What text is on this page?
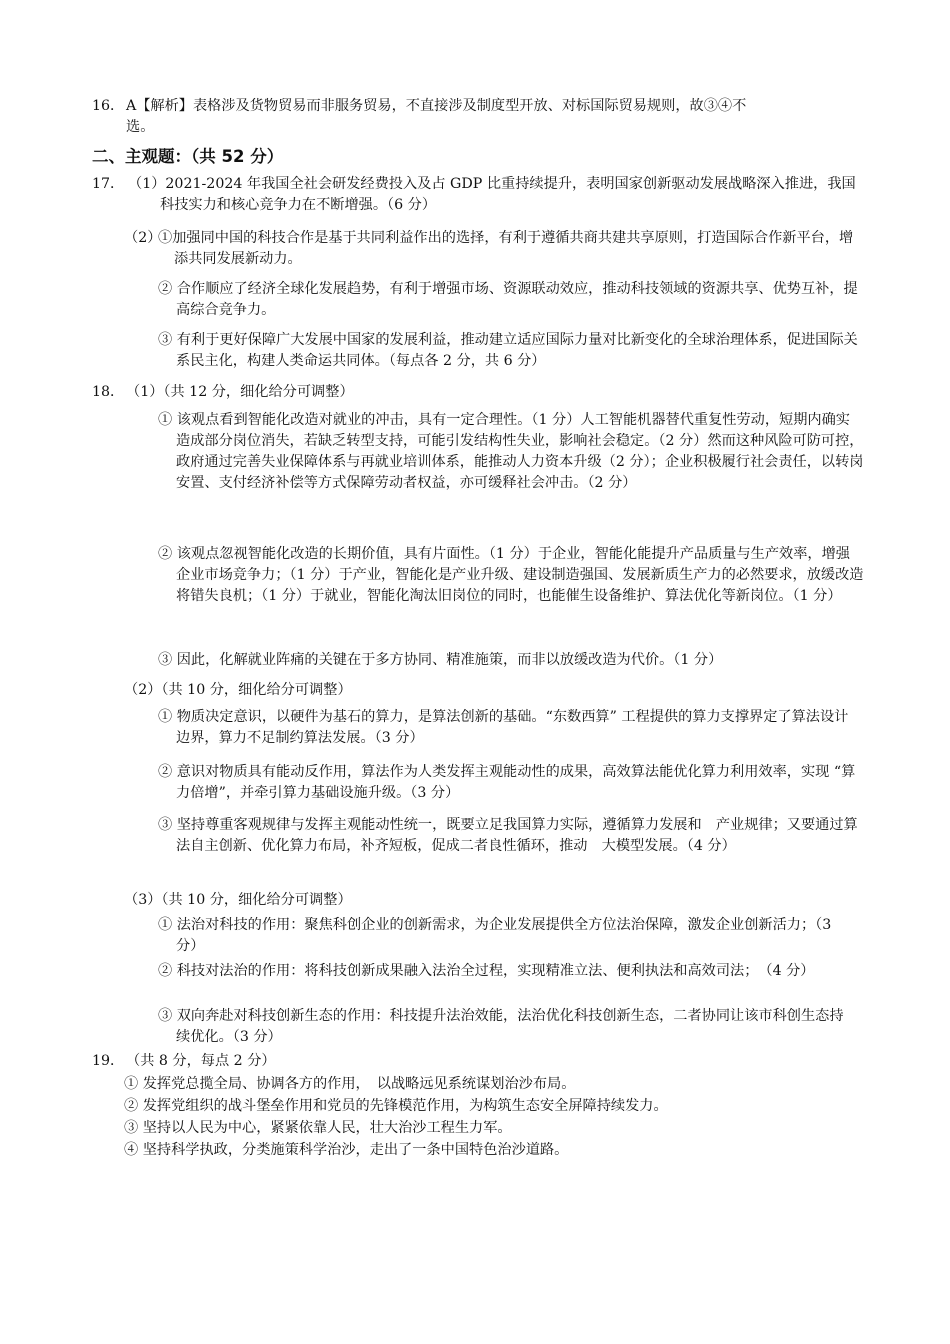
16． A【解析】表格涉及货物贸易而非服务贸易，不直接涉及制度型开放、对标国际贸易规则，故③④不选。
二、主观题：（共 52 分）
17． （1）2021-2024 年我国全社会研发经费投入及占 GDP 比重持续提升，表明国家创新驱动发展战略深入推进，我国科技实力和核心竞争力在不断增强。（6 分）
（2）
①加强同中国的科技合作是基于共同利益作出的选择，有利于遵循共商共建共享原则，打造国际合作新平台，增添共同发展新动力。
② 合作顺应了经济全球化发展趋势，有利于增强市场、资源联动效应，推动科技领域的资源共享、优势互补，提高综合竞争力。
③ 有利于更好保障广大发展中国家的发展利益，推动建立适应国际力量对比新变化的全球治理体系，促进国际关系民主化，构建人类命运共同体。（每点各 2 分，共 6 分）
18． （1）（共 12 分，细化给分可调整）
① 该观点看到智能化改造对就业的冲击，具有一定合理性。（1 分）人工智能机器替代重复性劳动，短期内确实造成部分岗位消失，若缺乏转型支持，可能引发结构性失业，影响社会稳定。（2 分）然而这种风险可防可控，政府通过完善失业保障体系与再就业培训体系，能推动人力资本升级（2 分）；企业积极履行社会责任，以转岗安置、支付经济补偿等方式保障劳动者权益，亦可缓释社会冲击。（2 分）
② 该观点忽视智能化改造的长期价值，具有片面性。（1 分）于企业，智能化能提升产品质量与生产效率，增强企业市场竞争力；（1 分）于产业，智能化是产业升级、建设制造强国、发展新质生产力的必然要求，放缓改造将错失良机；（1 分）于就业，智能化淘汰旧岗位的同时，也能催生设备维护、算法优化等新岗位。（1 分）
③ 因此，化解就业阵痛的关键在于多方协同、精准施策，而非以放缓改造为代价。（1 分）
（2）（共 10 分，细化给分可调整）
① 物质决定意识，以硬件为基石的算力，是算法创新的基础。“东数西算” 工程提供的算力支撑界定了算法设计边界，算力不足制约算法发展。（3 分）
② 意识对物质具有能动反作用，算法作为人类发挥主观能动性的成果，高效算法能优化算力利用效率，实现 “算力倍增”，并牵引算力基础设施升级。（3 分）
③ 坚持尊重客观规律与发挥主观能动性统一，既要立足我国算力实际，遵循算力发展和　产业规律；又要通过算法自主创新、优化算力布局，补齐短板，促成二者良性循环，推动　大模型发展。（4 分）
（3）（共 10 分，细化给分可调整）
① 法治对科技的作用：聚焦科创企业的创新需求，为企业发展提供全方位法治保障，激发企业创新活力；（3 分）
② 科技对法治的作用：将科技创新成果融入法治全过程，实现精准立法、便利执法和高效司法；　（4 分）
③ 双向奔赴对科技创新生态的作用：科技提升法治效能，法治优化科技创新生态，二者协同让该市科创生态持续优化。（3 分）
19． （共 8 分，每点 2 分）
① 发挥党总揽全局、协调各方的作用，　以战略远见系统谋划治沙布局。
② 发挥党组织的战斗堡垒作用和党员的先锋模范作用，为构筑生态安全屏障持续发力。
③ 坚持以人民为中心，紧紧依靠人民，壮大治沙工程生力军。
④ 坚持科学执政，分类施策科学治沙，走出了一条中国特色治沙道路。
